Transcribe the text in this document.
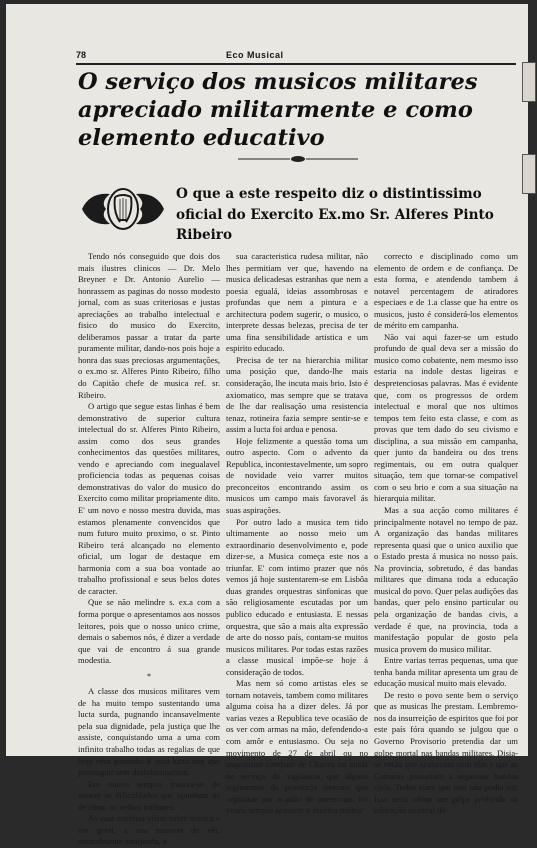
78	Eco Musical
O serviço dos musicos militares apreciado militarmente e como elemento educativo
O que a este respeito diz o distintissimo oficial do Exercito Ex.mo Sr. Alferes Pinto Ribeiro

Tendo nós conseguido que dois dos mais ilustres clinicos — Dr. Melo Breyner e Dr. Antonio Aurelio — honrassem as paginas do nosso modesto jornal, com as suas criteriosas e justas apreciações ao trabalho intelectual e fisico do musico do Exercito, deliberamos passar a tratar da parte puramente militar, dando-nos pois hoje a honra das suas preciosas argumentações, o ex.mo sr. Alferes Pinto Ribeiro, filho do Capitão chefe de musica ref. sr. Ribeiro.

O artigo que segue estas linhas é bem demonstrativo de superior cultura intelectual do sr. Alferes Pinto Ribeiro, assim como dos seus grandes conhecimentos das questões militares, vendo e apreciando com inegualavel proficiencia todas as pequenas coisas demonstrativas do valor do musico do Exercito como militar propriamente dito. E' um novo e nosso mestra duvida, mas estamos plenamente convencidos que num futuro muito proximo, o sr. Pinto Ribeiro terá alcançado no elemento oficial, um logar de destaque em harmonia com a sua boa vontade ao trabalho profissional e seus belos dotes de caracter.

Que se não melindre s. ex.a com a forma porque o apresentamos aos nossos leitores, pois que o nosso unico crime, demais o sabemos nós, é dizer a verdade que vai de encontro á sua grande modestia.

*

A classe dos musicos militares vem de ha muito tempo sustentando uma lucta surda, pugnando incansavelmente pela sua dignidade, pela justiça que lhe assiste, conquistando uma a uma com infinito trabalho todas as regalias de que hoje vêm gosando. E essa lucta tem que prosseguir sem desfalecimentos.

Em outros tempos tratava-se de vencer as dificuldades que opunham os de cima, os velhos militares.

As suas estreitas vistas sobre musica e em geral, a sua maneira de vêr, naturalmente antiquada, a

sua caracteristica rudesa militar, não lhes permitiam ver que, havendo na musica delicadesas estranhas que nem a poesia egualá, ideias assombrosas e profundas que nem a pintura e a architectura podem sugerir, o musico, o interprete dessas belezas, precisa de ter uma fina sensibilidade artistica e um espirito educado.

Precisa de ter na hierarchia militar uma posição que, dando-lhe mais consideração, lhe incuta mais brio. Isto é axiomatico, mas sempre que se tratava de lhe dar realisação uma resistencia tenaz, rotineira fazia sempre sentir-se e assim a lucta foi ardua e penosa.

Hoje felizmente a questão toma um outro aspecto. Com o advento da Republica, incontestavelmente, um sopro de novidade veio varrer muitos preconceitos encontrando assim os musicos um campo mais favoravel ás suas aspirações.

Por outro lado a musica tem tido ultimamente ao nosso meio um extraordinario desenvolvimento e, pode dizer-se, a Musica começa este nos a triunfar. E' com intimo prazer que nós vemos já hoje sustentarem-se em Lisbôa duas grandes orquestras sinfonicas que são religiosamente escutadas por um publico educado e entusiasta. E nessas orquestra, que são a mais alta expressão de arte do nosso país, contam-se muitos musicos militares. Por todas estas razões a classe musical impõe-se hoje á consideração de todos.

Mas nem só como artistas eles se tornam notaveis, tambem como militares alguma coisa ha a dizer deles. Já por varias vezes a Republica teve ocasião de os ver com armas na mão, defendendo-a com amôr e entusiasmo. Ou seja no movimento de 27 de abril ou no angustioso combate de Chaves ou ainda no serviço de vigilancia que alguns regimentos da provincia tiveram que organisar por ocasião de intentonas, foi venos sempre aparecer o musico militar

correcto e disciplinado como um elemento de ordem e de confiança. De esta forma, e atendendo tambem á notavel percentagem de atiradores especiaes e de 1.a classe que ha entre os musicos, justo é considerá-los elementos de mérito em campanha.

Não vai aqui fazer-se um estudo profundo de qual deva ser a missão do musico como cobatente, nem mesmo isso estaria na indole destas ligeiras e despretenciosas palavras. Mas é evidente que, com os progressos de ordem intelectual e moral que nos ultimos tempos tem feito esta classe, e com as provas que tem dado do seu civismo e disciplina, a sua missão em campanha, quer junto da bandeira ou dos trens regimentais, ou em outra qualquer situação, tem que tornar-se compativel com o seu brio e com a sua situação na hierarquia militar.

Mas a sua acção como militares é principalmente notavel no tempo de paz. A organização das bandas militares representa quasi que o unico auxilio que o Estado presta á musica no nosso país. Na provincia, sobretudo, é das bandas militares que dimana toda a educação musical do povo. Quer pelas audições das bandas, quer pelo ensino particular ou pela organização de bandas civis, a verdade é que, na provincia, toda a manifestação popular de gosto pela musica provem do musico militar.

Entre varias terras pequenas, uma que tenha banda militar apresenta um grau de educação musical muito mais elevado.

De resto o povo sente bem o serviço que as musicas lhe prestam. Lembremo-nos da insurreição de espiritos que foi por este país fóra quando se julgou que o Governo Provisorio pretendia dar um golpe mortal nas bandas militares. Disia-se então que acabavam com elas e que as Camaras passariam a organisar bandas civis. Todos viam que isso não podia ser. Isso seria vibrar um golpe profundo na educação musical do
